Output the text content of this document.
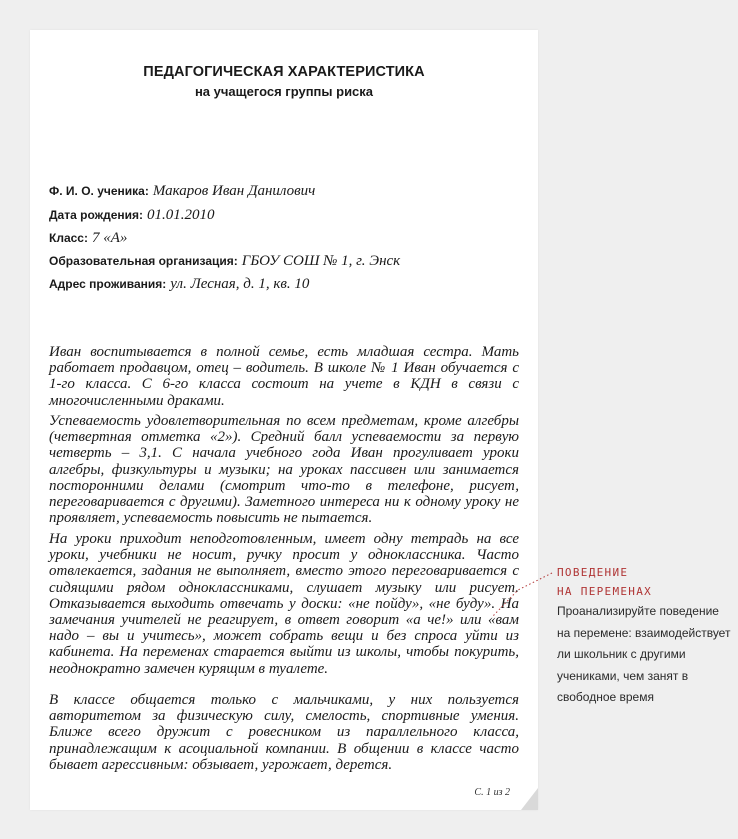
ПЕДАГОГИЧЕСКАЯ ХАРАКТЕРИСТИКА
на учащегося группы риска
Ф. И. О. ученика: Макаров Иван Данилович
Дата рождения: 01.01.2010
Класс: 7 «А»
Образовательная организация: ГБОУ СОШ № 1, г. Энск
Адрес проживания: ул. Лесная, д. 1, кв. 10
Иван воспитывается в полной семье, есть младшая сестра. Мать работает продавцом, отец – водитель. В школе № 1 Иван обучается с 1-го класса. С 6-го класса состоит на учете в КДН в связи с многочисленными драками.
Успеваемость удовлетворительная по всем предметам, кроме алгебры (четвертная отметка «2»). Средний балл успеваемости за первую четверть – 3,1. С начала учебного года Иван прогуливает уроки алгебры, физкультуры и музыки; на уроках пассивен или занимается посторонними делами (смотрит что-то в телефоне, рисует, переговаривается с другими). Заметного интереса ни к одному уроку не проявляет, успеваемость повысить не пытается.
На уроки приходит неподготовленным, имеет одну тетрадь на все уроки, учебники не носит, ручку просит у одноклассника. Часто отвлекается, задания не выполняет, вместо этого переговаривается с сидящими рядом одноклассниками, слушает музыку или рисует. Отказывается выходить отвечать у доски: «не пойду», «не буду». На замечания учителей не реагирует, в ответ говорит «а че!» или «вам надо – вы и учитесь», может собрать вещи и без спроса уйти из кабинета. На переменах старается выйти из школы, чтобы покурить, неоднократно замечен курящим в туалете.
В классе общается только с мальчиками, у них пользуется авторитетом за физическую силу, смелость, спортивные умения. Ближе всего дружит с ровесником из параллельного класса, принадлежащим к асоциальной компании. В общении в классе часто бывает агрессивным: обзывает, угрожает, дерется.
С. 1 из 2
ПОВЕДЕНИЕ
НА ПЕРЕМЕНАХ
Проанализируйте поведение на перемене: взаимодействует ли школьник с другими учениками, чем занят в свободное время
